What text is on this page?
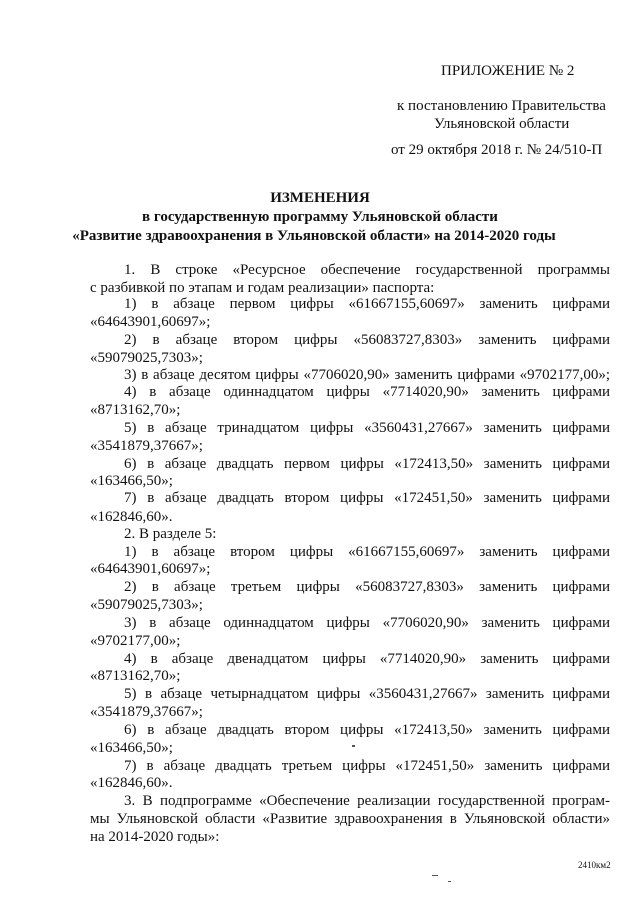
ПРИЛОЖЕНИЕ № 2
к постановлению Правительства
Ульяновской области
от 29 октября 2018 г. № 24/510-П
ИЗМЕНЕНИЯ
в государственную программу Ульяновской области
«Развитие здравоохранения в Ульяновской области» на 2014-2020 годы
1. В строке «Ресурсное обеспечение государственной программы
с разбивкой по этапам и годам реализации» паспорта:
1) в абзаце первом цифры «61667155,60697» заменить цифрами
«64643901,60697»;
2) в абзаце втором цифры «56083727,8303» заменить цифрами
«59079025,7303»;
3) в абзаце десятом цифры «7706020,90» заменить цифрами «9702177,00»;
4) в абзаце одиннадцатом цифры «7714020,90» заменить цифрами
«8713162,70»;
5) в абзаце тринадцатом цифры «3560431,27667» заменить цифрами
«3541879,37667»;
6) в абзаце двадцать первом цифры «172413,50» заменить цифрами
«163466,50»;
7) в абзаце двадцать втором цифры «172451,50» заменить цифрами
«162846,60».
2. В разделе 5:
1) в абзаце втором цифры «61667155,60697» заменить цифрами
«64643901,60697»;
2) в абзаце третьем цифры «56083727,8303» заменить цифрами
«59079025,7303»;
3) в абзаце одиннадцатом цифры «7706020,90» заменить цифрами
«9702177,00»;
4) в абзаце двенадцатом цифры «7714020,90» заменить цифрами
«8713162,70»;
5) в абзаце четырнадцатом цифры «3560431,27667» заменить цифрами
«3541879,37667»;
6) в абзаце двадцать втором цифры «172413,50» заменить цифрами
«163466,50»;
7) в абзаце двадцать третьем цифры «172451,50» заменить цифрами
«162846,60».
3. В подпрограмме «Обеспечение реализации государственной програм-
мы Ульяновской области «Развитие здравоохранения в Ульяновской области»
на 2014-2020 годы»:
2410км2
